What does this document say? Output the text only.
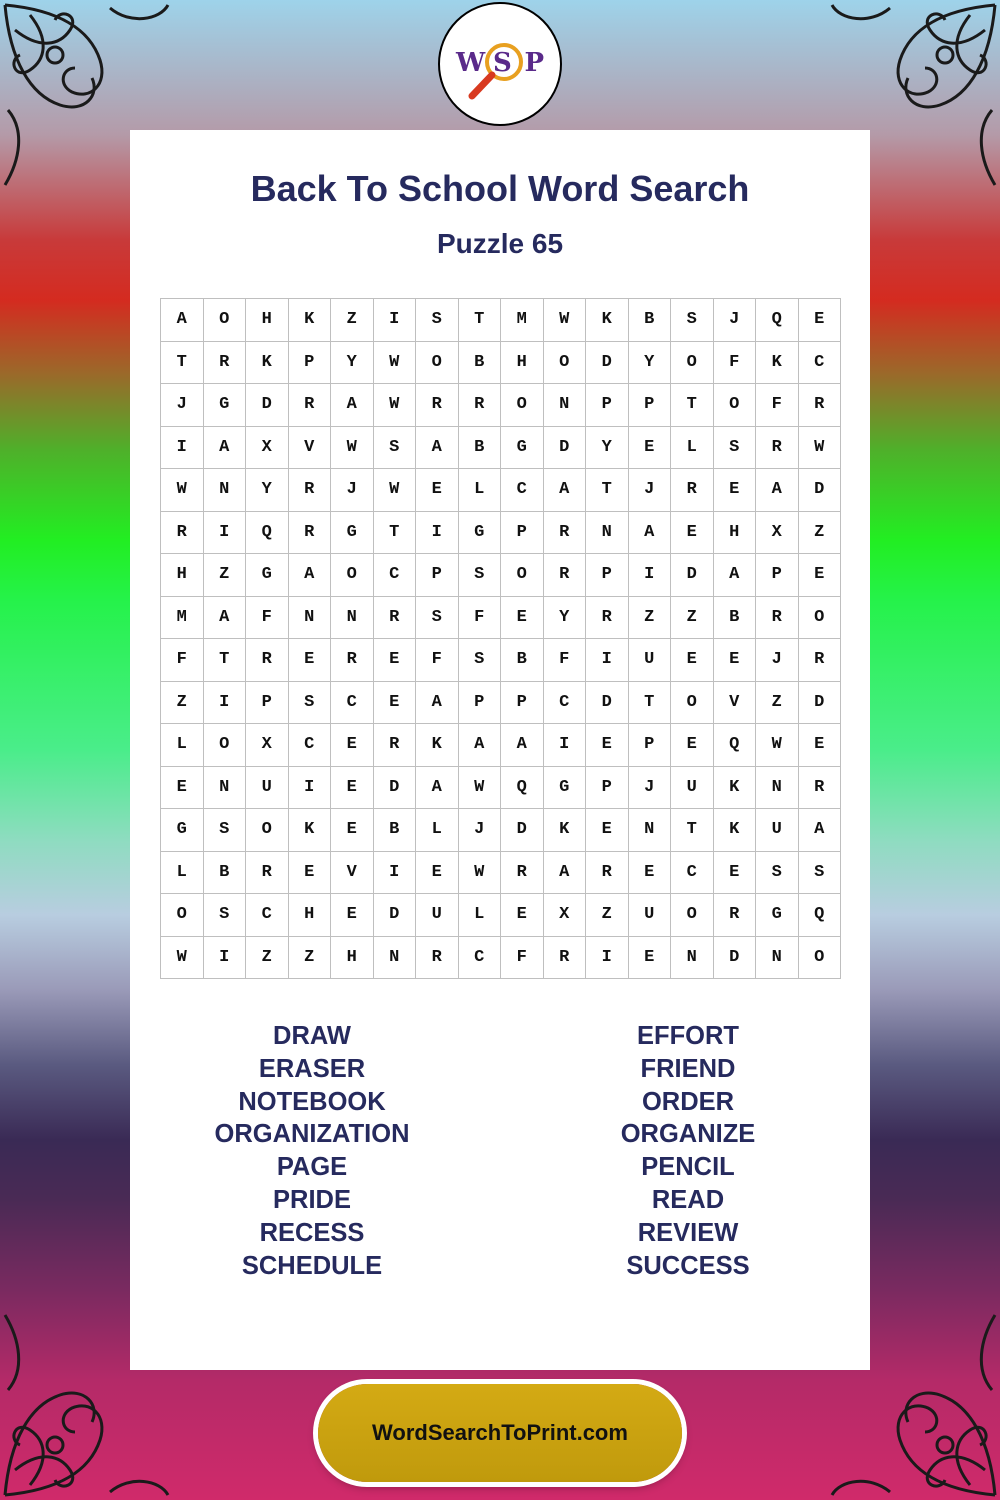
W S P
Back To School Word Search
Puzzle 65
A	O	H	K	Z	I	S	T	M	W	K	B	S	J	Q	E
T	R	K	P	Y	W	O	B	H	O	D	Y	O	F	K	C
J	G	D	R	A	W	R	R	O	N	P	P	T	O	F	R
I	A	X	V	W	S	A	B	G	D	Y	E	L	S	R	W
W	N	Y	R	J	W	E	L	C	A	T	J	R	E	A	D
R	I	Q	R	G	T	I	G	P	R	N	A	E	H	X	Z
H	Z	G	A	O	C	P	S	O	R	P	I	D	A	P	E
M	A	F	N	N	R	S	F	E	Y	R	Z	Z	B	R	O
F	T	R	E	R	E	F	S	B	F	I	U	E	E	J	R
Z	I	P	S	C	E	A	P	P	C	D	T	O	V	Z	D
L	O	X	C	E	R	K	A	A	I	E	P	E	Q	W	E
E	N	U	I	E	D	A	W	Q	G	P	J	U	K	N	R
G	S	O	K	E	B	L	J	D	K	E	N	T	K	U	A
L	B	R	E	V	I	E	W	R	A	R	E	C	E	S	S
O	S	C	H	E	D	U	L	E	X	Z	U	O	R	G	Q
W	I	Z	Z	H	N	R	C	F	R	I	E	N	D	N	O
DRAW
ERASER
NOTEBOOK
ORGANIZATION
PAGE
PRIDE
RECESS
SCHEDULE
EFFORT
FRIEND
ORDER
ORGANIZE
PENCIL
READ
REVIEW
SUCCESS
WordSearchToPrint.com
